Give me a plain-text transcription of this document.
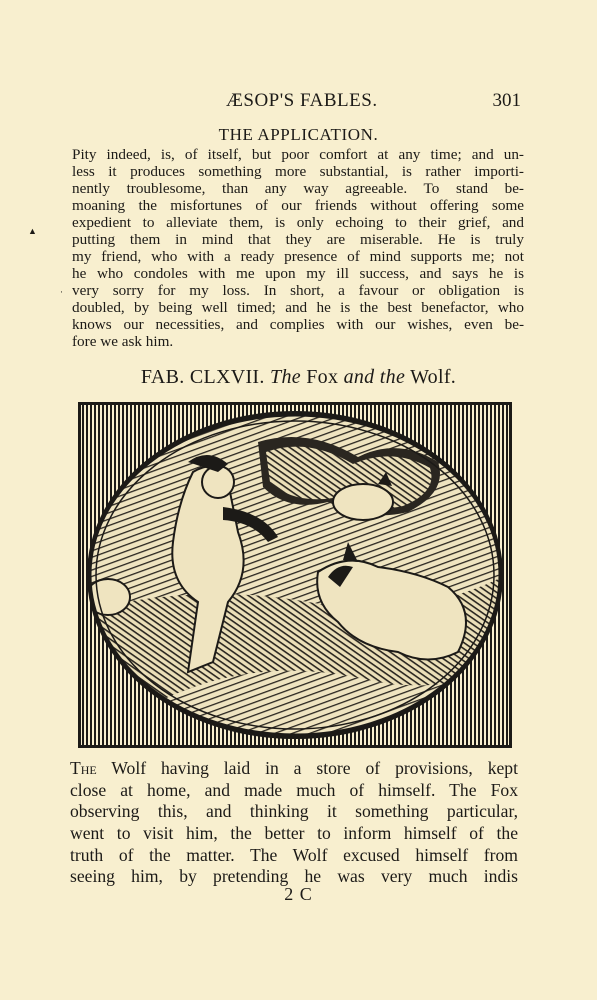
ÆSOP'S FABLES.	301
THE APPLICATION.
Pity indeed, is, of itself, but poor comfort at any time; and un-
less it produces something more substantial, is rather importi-
nently troublesome, than any way agreeable. To stand be-
moaning the misfortunes of our friends without offering some
expedient to alleviate them, is only echoing to their grief, and
putting them in mind that they are miserable. He is truly
my friend, who with a ready presence of mind supports me; not
he who condoles with me upon my ill success, and says he is
very sorry for my loss. In short, a favour or obligation is
doubled, by being well timed; and he is the best benefactor, who
knows our necessities, and complies with our wishes, even be-
fore we ask him.
▲
·
FAB. CLXVII. The Fox and the Wolf.
The Wolf having laid in a store of provisions, kept
close at home, and made much of himself. The Fox
observing this, and thinking it something particular,
went to visit him, the better to inform himself of the
truth of the matter. The Wolf excused himself from
seeing him, by pretending he was very much indis
2 C
